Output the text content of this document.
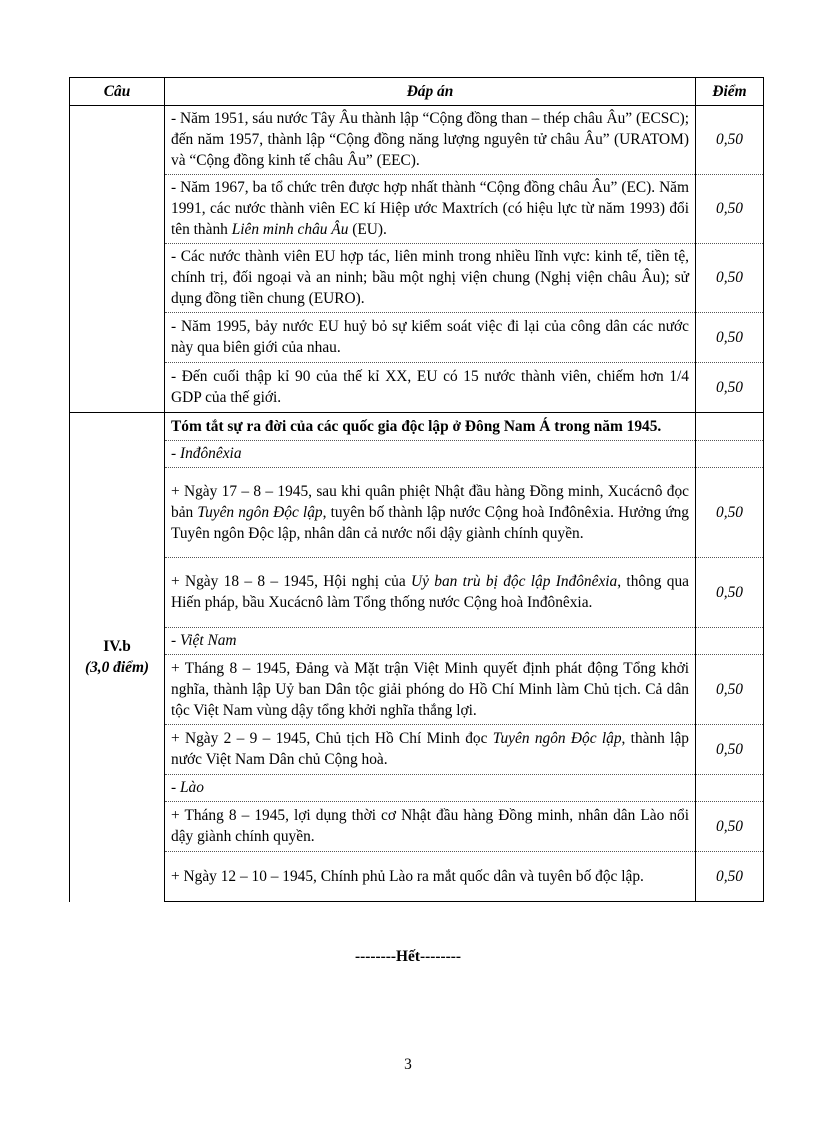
Câu	Đáp án	Điểm
	- Năm 1951, sáu nước Tây Âu thành lập “Cộng đồng than – thép châu Âu” (ECSC); đến năm 1957, thành lập “Cộng đồng năng lượng nguyên tử châu Âu” (URATOM) và “Cộng đồng kinh tế châu Âu” (EEC).	0,50
	- Năm 1967, ba tổ chức trên được hợp nhất thành “Cộng đồng châu Âu” (EC). Năm 1991, các nước thành viên EC kí Hiệp ước Maxtrích (có hiệu lực từ năm 1993) đổi tên thành Liên minh châu Âu (EU).	0,50
	- Các nước thành viên EU hợp tác, liên minh trong nhiều lĩnh vực: kinh tế, tiền tệ, chính trị, đối ngoại và an ninh; bầu một nghị viện chung (Nghị viện châu Âu); sử dụng đồng tiền chung (EURO).	0,50
	- Năm 1995, bảy nước EU huỷ bỏ sự kiểm soát việc đi lại của công dân các nước này qua biên giới của nhau.	0,50
	- Đến cuối thập kỉ 90 của thế kỉ XX, EU có 15 nước thành viên, chiếm hơn 1/4 GDP của thế giới.	0,50

IV.b
(3,0 điểm)	Tóm tắt sự ra đời của các quốc gia độc lập ở Đông Nam Á trong năm 1945.	
	- Inđônêxia	
	+ Ngày 17 – 8 – 1945, sau khi quân phiệt Nhật đầu hàng Đồng minh, Xucácnô đọc bản Tuyên ngôn Độc lập, tuyên bố thành lập nước Cộng hoà Inđônêxia. Hưởng ứng Tuyên ngôn Độc lập, nhân dân cả nước nổi dậy giành chính quyền.	0,50
	+ Ngày 18 – 8 – 1945, Hội nghị của Uỷ ban trù bị độc lập Inđônêxia, thông qua Hiến pháp, bầu Xucácnô làm Tổng thống nước Cộng hoà Inđônêxia.	0,50
	- Việt Nam	
	+ Tháng 8 – 1945, Đảng và Mặt trận Việt Minh quyết định phát động Tổng khởi nghĩa, thành lập Uỷ ban Dân tộc giải phóng do Hồ Chí Minh làm Chủ tịch. Cả dân tộc Việt Nam vùng dậy tổng khởi nghĩa thắng lợi.	0,50
	+ Ngày 2 – 9 – 1945, Chủ tịch Hồ Chí Minh đọc Tuyên ngôn Độc lập, thành lập nước Việt Nam Dân chủ Cộng hoà.	0,50
	- Lào	
	+ Tháng 8 – 1945, lợi dụng thời cơ Nhật đầu hàng Đồng minh, nhân dân Lào nổi dậy giành chính quyền.	0,50
	+ Ngày 12 – 10 – 1945, Chính phủ Lào ra mắt quốc dân và tuyên bố độc lập.	0,50
--------Hết--------
3
